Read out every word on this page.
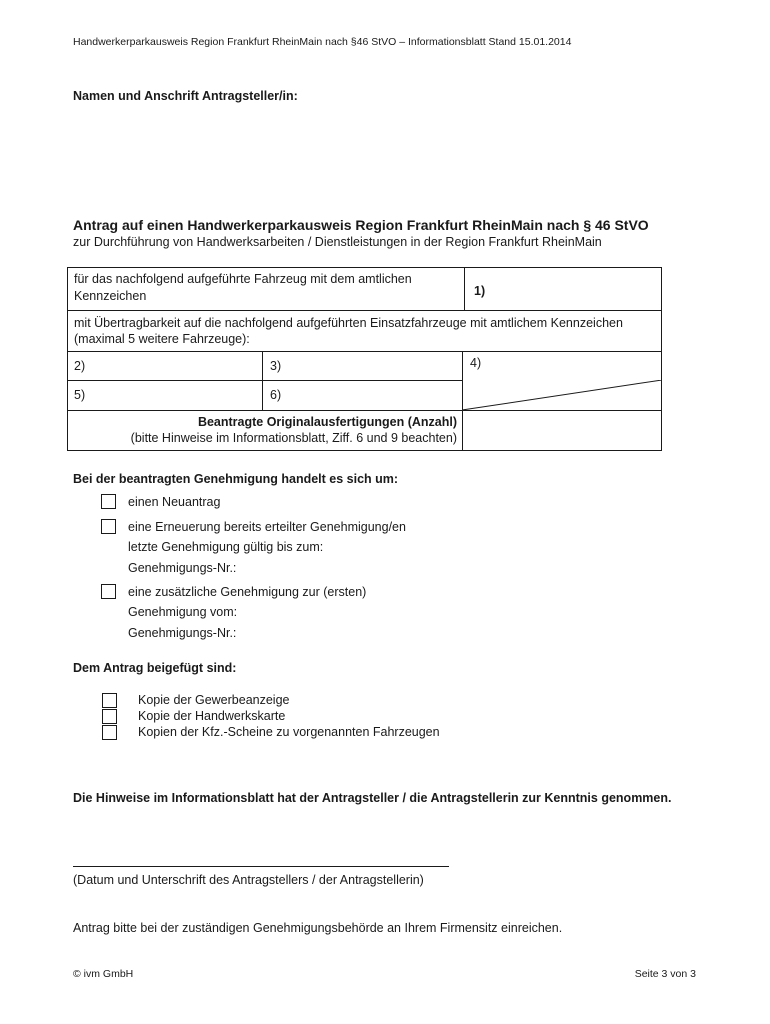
Handwerkerparkausweis Region Frankfurt RheinMain nach §46 StVO – Informationsblatt Stand 15.01.2014
Namen und Anschrift Antragsteller/in:
Antrag auf einen Handwerkerparkausweis Region Frankfurt RheinMain nach § 46 StVO
zur Durchführung von Handwerksarbeiten / Dienstleistungen in der Region Frankfurt RheinMain
für das nachfolgend aufgeführte Fahrzeug mit dem amtlichen
Kennzeichen	1)
mit Übertragbarkeit auf die nachfolgend aufgeführten Einsatzfahrzeuge mit amtlichem Kennzeichen
(maximal 5 weitere Fahrzeuge):
2)	3)	4)
5)	6)
Beantragte Originalausfertigungen (Anzahl)
(bitte Hinweise im Informationsblatt, Ziff. 6 und 9 beachten)
Bei der beantragten Genehmigung handelt es sich um:
einen Neuantrag
eine Erneuerung bereits erteilter Genehmigung/en
letzte Genehmigung gültig bis zum:
Genehmigungs-Nr.:
eine zusätzliche Genehmigung zur (ersten)
Genehmigung vom:
Genehmigungs-Nr.:
Dem Antrag beigefügt sind:
Kopie der Gewerbeanzeige
Kopie der Handwerkskarte
Kopien der Kfz.-Scheine zu vorgenannten Fahrzeugen
Die Hinweise im Informationsblatt hat der Antragsteller / die Antragstellerin zur Kenntnis genommen.
(Datum und Unterschrift des Antragstellers / der Antragstellerin)
Antrag bitte bei der zuständigen Genehmigungsbehörde an Ihrem Firmensitz einreichen.
© ivm GmbH	Seite 3 von 3
